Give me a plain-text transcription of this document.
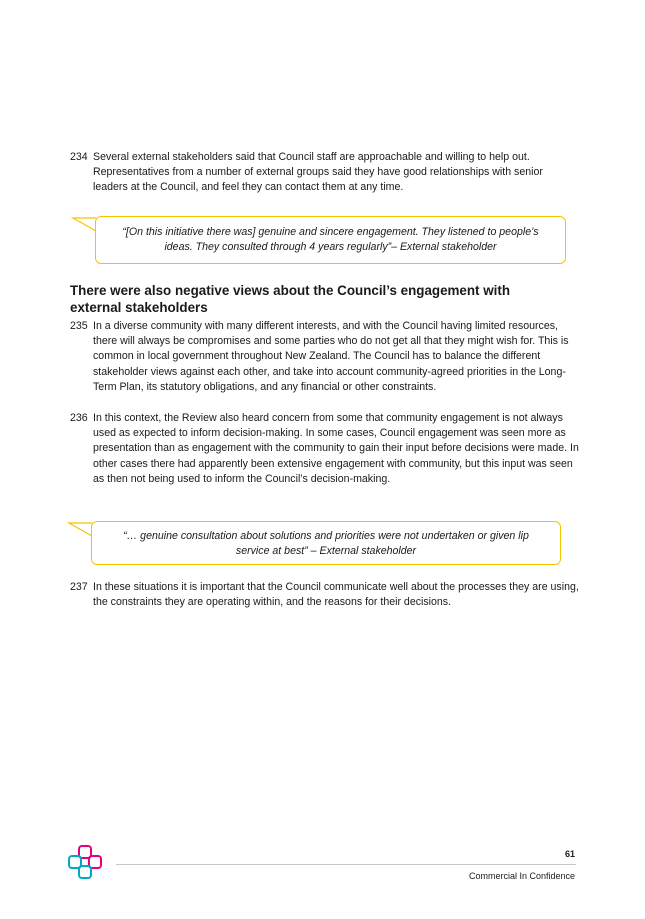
234 Several external stakeholders said that Council staff are approachable and willing to help out. Representatives from a number of external groups said they have good relationships with senior leaders at the Council, and feel they can contact them at any time.
“[On this initiative there was] genuine and sincere engagement. They listened to people’s ideas. They consulted through 4 years regularly”– External stakeholder
There were also negative views about the Council’s engagement with external stakeholders
235 In a diverse community with many different interests, and with the Council having limited resources, there will always be compromises and some parties who do not get all that they might wish for. This is common in local government throughout New Zealand. The Council has to balance the different stakeholder views against each other, and take into account community-agreed priorities in the Long-Term Plan, its statutory obligations, and any financial or other constraints.
236 In this context, the Review also heard concern from some that community engagement is not always used as expected to inform decision-making. In some cases, Council engagement was seen more as presentation than as engagement with the community to gain their input before decisions were made. In other cases there had apparently been extensive engagement with community, but this input was seen as then not being used to inform the Council’s decision-making.
“… genuine consultation about solutions and priorities were not undertaken or given lip service at best” – External stakeholder
237 In these situations it is important that the Council communicate well about the processes they are using, the constraints they are operating within, and the reasons for their decisions.
61
Commercial In Confidence
